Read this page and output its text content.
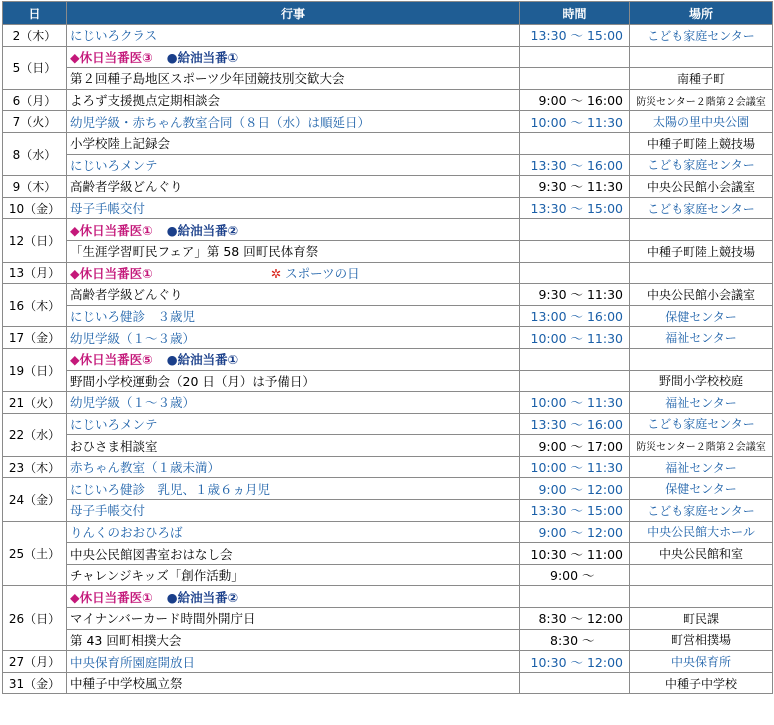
日	行事	時間	場所
2（木）	にじいろクラス	13:30 ～ 15:00	こども家庭センター
5（日）	◆休日当番医③ ●給油当番①		
	第２回種子島地区スポーツ少年団競技別交歓大会		南種子町
6（月）	よろず支援拠点定期相談会	9:00 ～ 16:00	防災センター２階第２会議室
7（火）	幼児学級・赤ちゃん教室合同（８日（水）は順延日）	10:00 ～ 11:30	太陽の里中央公園
8（水）	小学校陸上記録会		中種子町陸上競技場
	にじいろメンテ	13:30 ～ 16:00	こども家庭センター
9（木）	高齢者学級どんぐり	9:30 ～ 11:30	中央公民館小会議室
10（金）	母子手帳交付	13:30 ～ 15:00	こども家庭センター
12（日）	◆休日当番医① ●給油当番②		
	「生涯学習町民フェア」第 58 回町民体育祭		中種子町陸上競技場
13（月）	◆休日当番医① ✲ スポーツの日		
16（木）	高齢者学級どんぐり	9:30 ～ 11:30	中央公民館小会議室
	にじいろ健診　３歳児	13:00 ～ 16:00	保健センター
17（金）	幼児学級（１～３歳）	10:00 ～ 11:30	福祉センター
19（日）	◆休日当番医⑤ ●給油当番①		
	野間小学校運動会（20 日（月）は予備日）		野間小学校校庭
21（火）	幼児学級（１～３歳）	10:00 ～ 11:30	福祉センター
22（水）	にじいろメンテ	13:30 ～ 16:00	こども家庭センター
	おひさま相談室	9:00 ～ 17:00	防災センター２階第２会議室
23（木）	赤ちゃん教室（１歳未満）	10:00 ～ 11:30	福祉センター
24（金）	にじいろ健診　乳児、１歳６ヵ月児	9:00 ～ 12:00	保健センター
	母子手帳交付	13:30 ～ 15:00	こども家庭センター
25（土）	りんくのおおひろば	9:00 ～ 12:00	中央公民館大ホール
	中央公民館図書室おはなし会	10:30 ～ 11:00	中央公民館和室
	チャレンジキッズ「創作活動」	9:00 ～	
26（日）	◆休日当番医① ●給油当番②		
	マイナンバーカード時間外開庁日	8:30 ～ 12:00	町民課
	第 43 回町相撲大会	8:30 ～	町営相撲場
27（月）	中央保育所園庭開放日	10:30 ～ 12:00	中央保育所
31（金）	中種子中学校風立祭		中種子中学校
